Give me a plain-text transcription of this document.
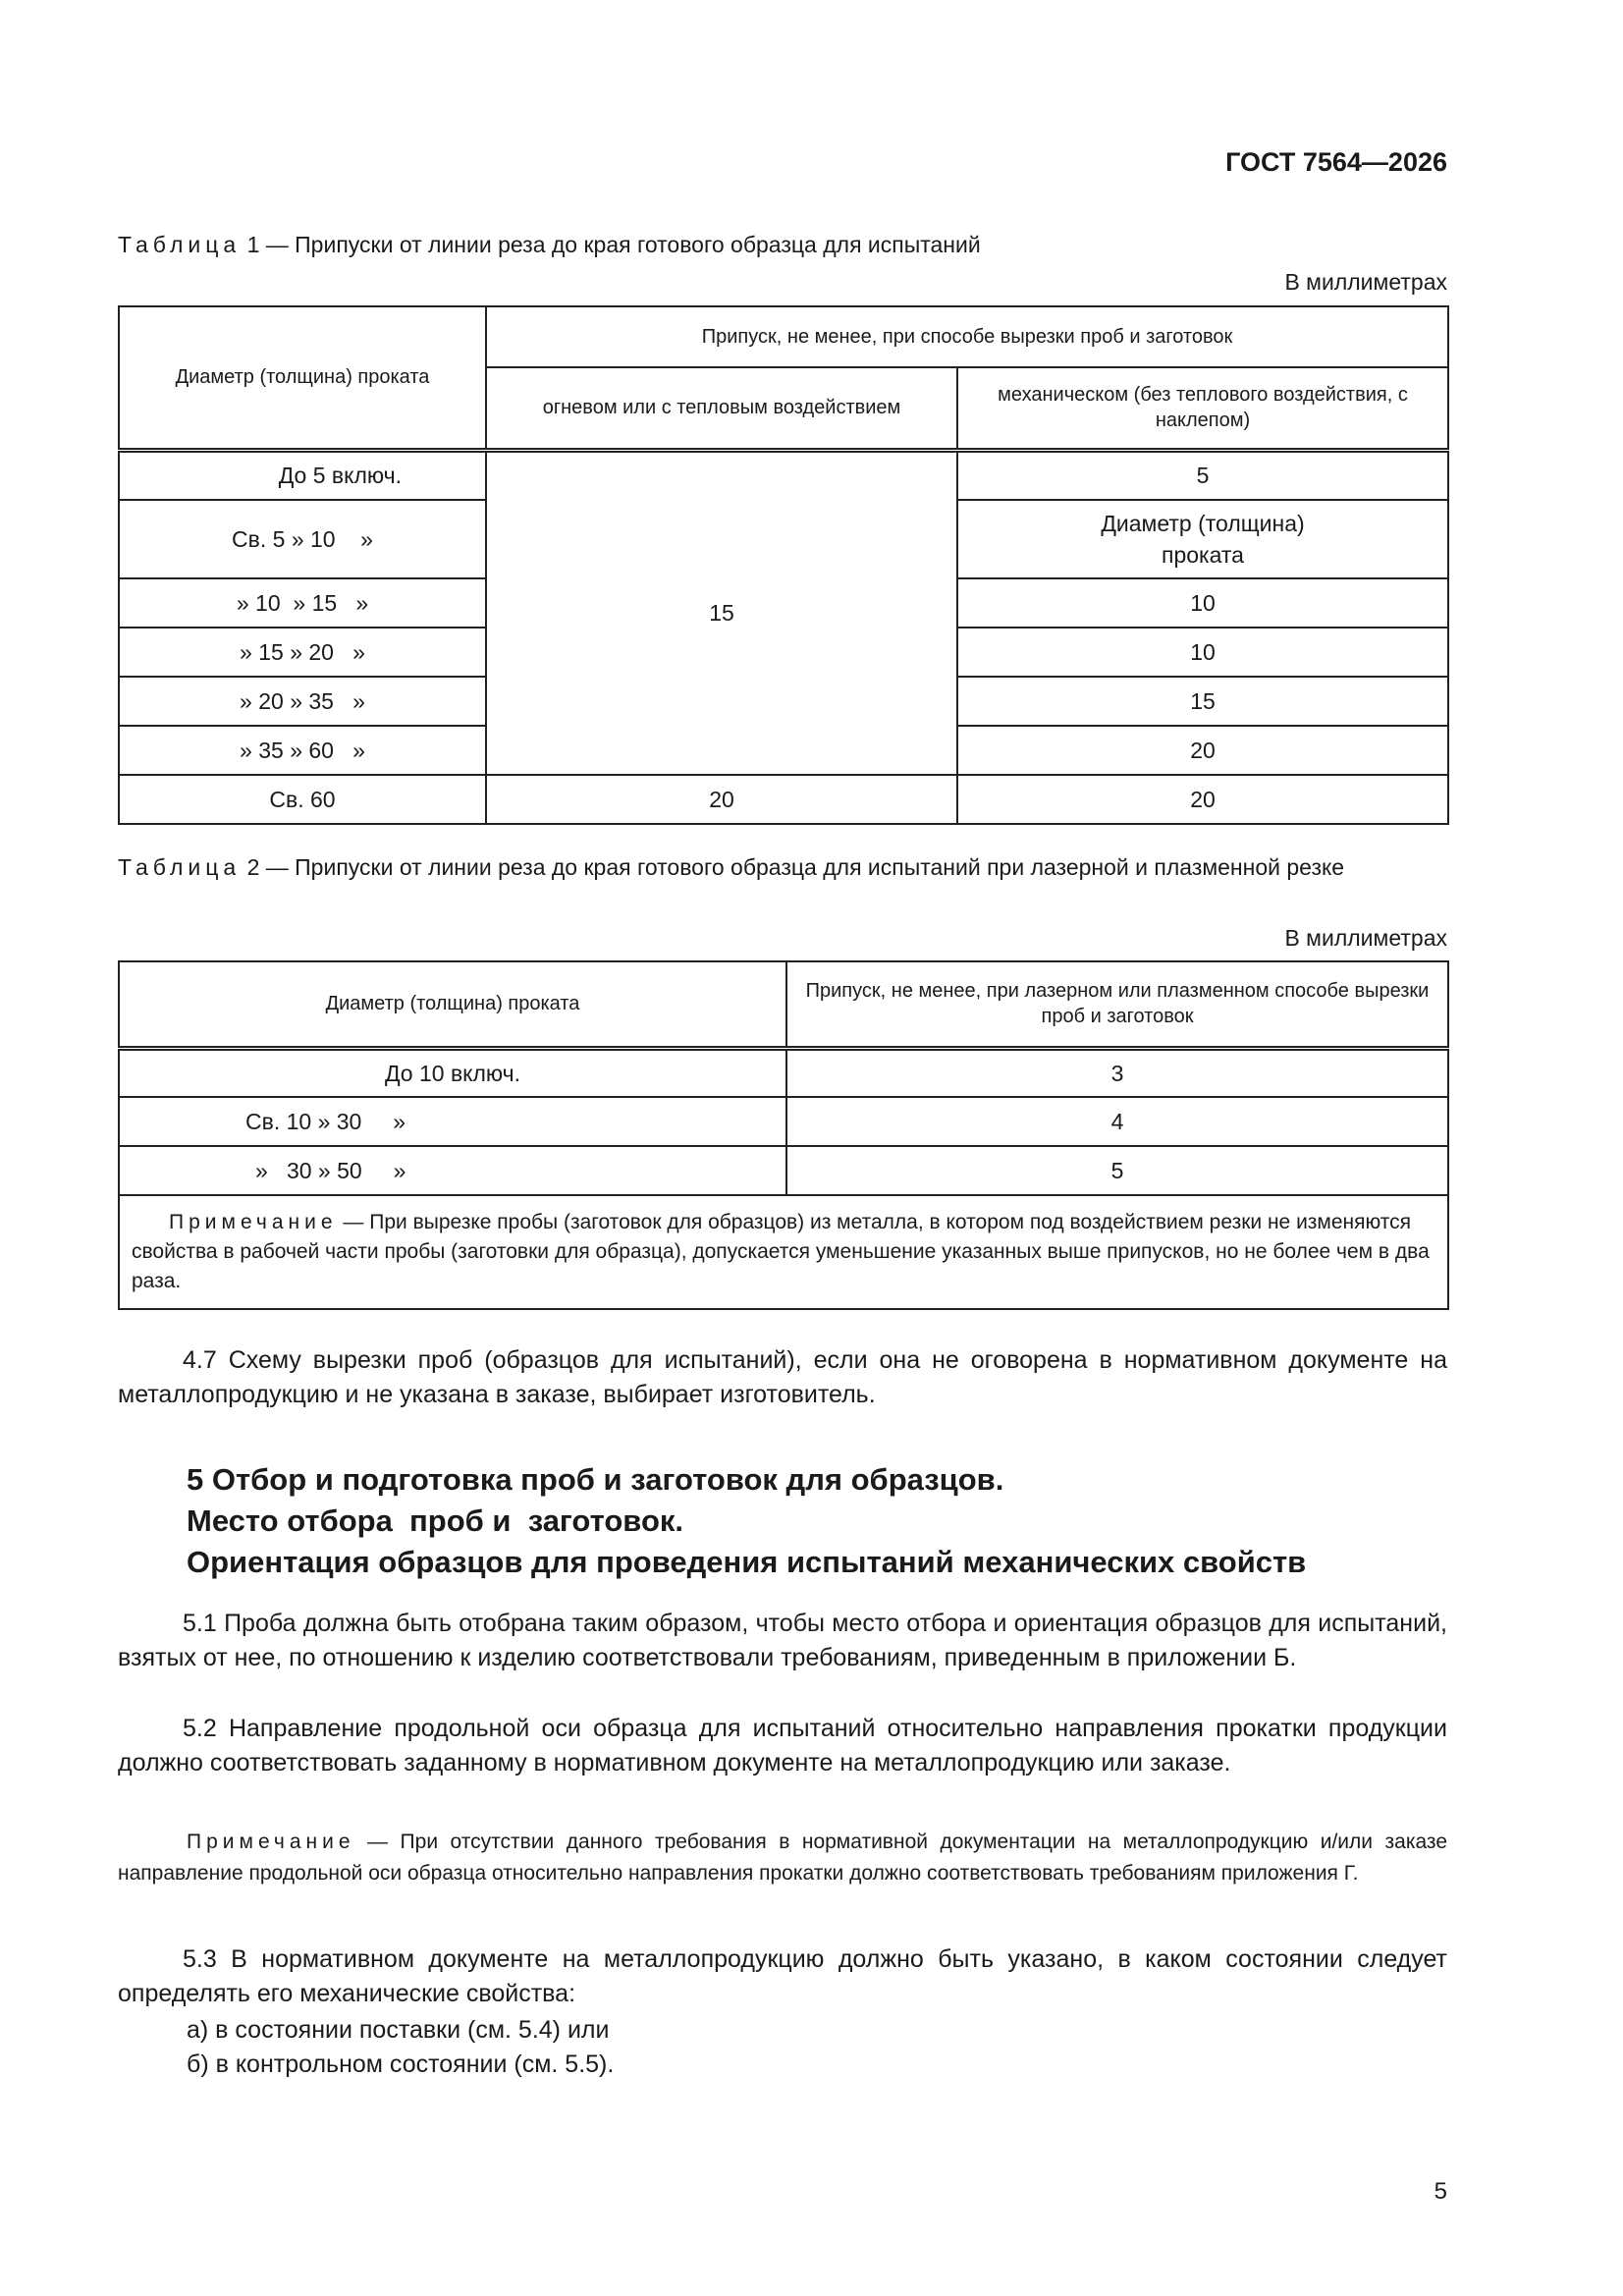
ГОСТ 7564—2026
Таблица 1 — Припуски от линии реза до края готового образца для испытаний
В миллиметрах
Диаметр (толщина) проката	Припуск, не менее, при способе вырезки проб и заготовок	
	огневом или с тепловым воздействием	механическом (без теплового воздействия, с наклепом)
До 5 включ.	15	5
Св. 5 » 10    »		Диаметр (толщина) проката
» 10  » 15   »		10
» 15 » 20   »		10
» 20 » 35   »		15
» 35 » 60   »		20
Св. 60	20	20
Таблица 2 — Припуски от линии реза до края готового образца для испытаний при лазерной и плазменной резке
В миллиметрах
Диаметр (толщина) проката	Припуск, не менее, при лазерном или плазменном способе вырезки проб и заготовок
До 10 включ.	3
Св. 10 » 30     »	4
»   30 » 50     »	5
Примечание — При вырезке пробы (заготовок для образцов) из металла, в котором под воздействием резки не изменяются свойства в рабочей части пробы (заготовки для образца), допускается уменьшение указанных выше припусков, но не более чем в два раза.	
4.7 Схему вырезки проб (образцов для испытаний), если она не оговорена в нормативном документе на металлопродукцию и не указана в заказе, выбирает изготовитель.
5 Отбор и подготовка проб и заготовок для образцов.
Место отбора  проб и  заготовок.
Ориентация образцов для проведения испытаний механических свойств
5.1 Проба должна быть отобрана таким образом, чтобы место отбора и ориентация образцов для испытаний, взятых от нее, по отношению к изделию соответствовали требованиям, приведенным в приложении Б.
5.2 Направление продольной оси образца для испытаний относительно направления прокатки продукции должно соответствовать заданному в нормативном документе на металлопродукцию или заказе.
Примечание — При отсутствии данного требования в нормативной документации на металлопродукцию и/или заказе направление продольной оси образца относительно направления прокатки должно соответствовать требованиям приложения Г.
5.3 В нормативном документе на металлопродукцию должно быть указано, в каком состоянии следует определять его механические свойства:
а) в состоянии поставки (см. 5.4) или
б) в контрольном состоянии (см. 5.5).
5
